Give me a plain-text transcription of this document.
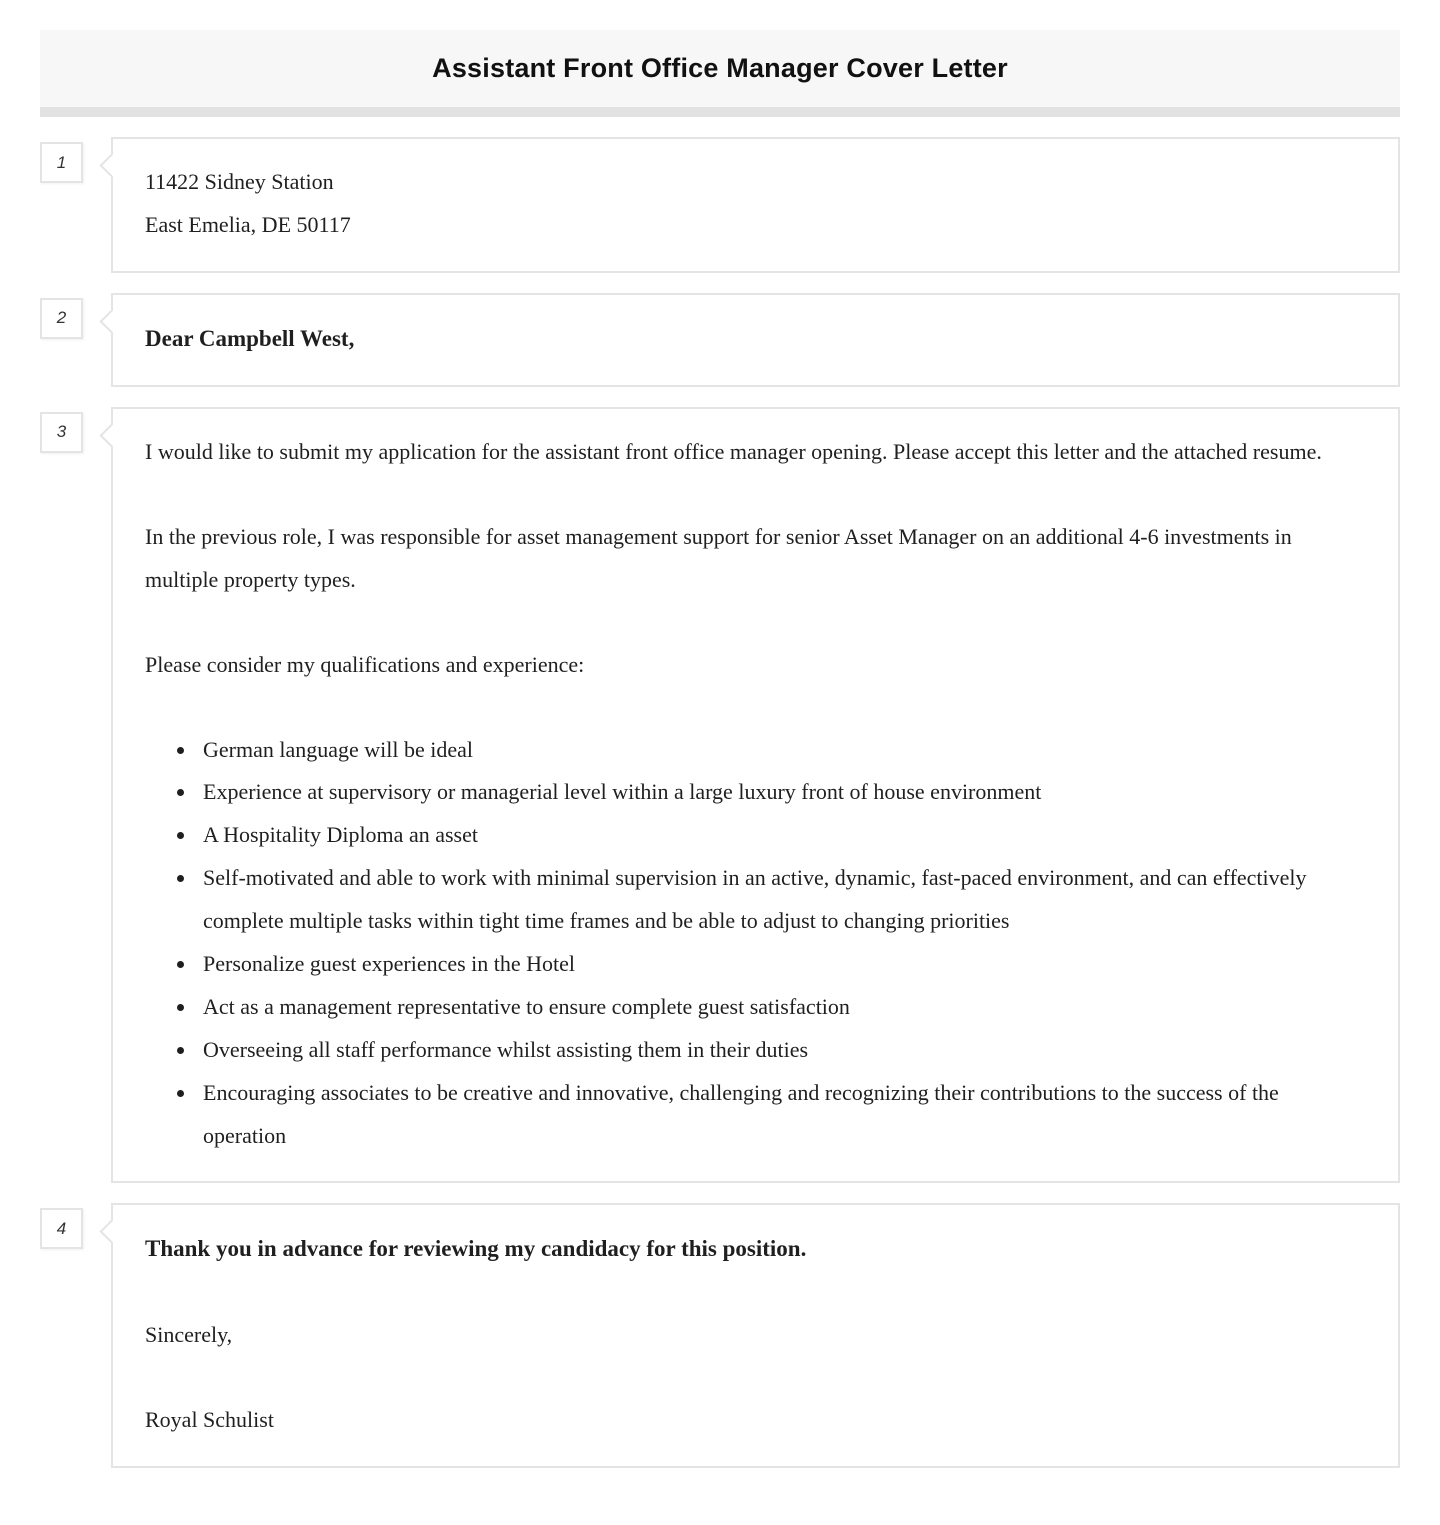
Assistant Front Office Manager Cover Letter
1
11422 Sidney Station
East Emelia, DE 50117
2
Dear Campbell West,
3

I would like to submit my application for the assistant front office manager opening. Please accept this letter and the attached resume.

In the previous role, I was responsible for asset management support for senior Asset Manager on an additional 4-6 investments in multiple property types.

Please consider my qualifications and experience:

• German language will be ideal
• Experience at supervisory or managerial level within a large luxury front of house environment
• A Hospitality Diploma an asset
• Self-motivated and able to work with minimal supervision in an active, dynamic, fast-paced environment, and can effectively complete multiple tasks within tight time frames and be able to adjust to changing priorities
• Personalize guest experiences in the Hotel
• Act as a management representative to ensure complete guest satisfaction
• Overseeing all staff performance whilst assisting them in their duties
• Encouraging associates to be creative and innovative, challenging and recognizing their contributions to the success of the operation
4

Thank you in advance for reviewing my candidacy for this position.

Sincerely,

Royal Schulist
